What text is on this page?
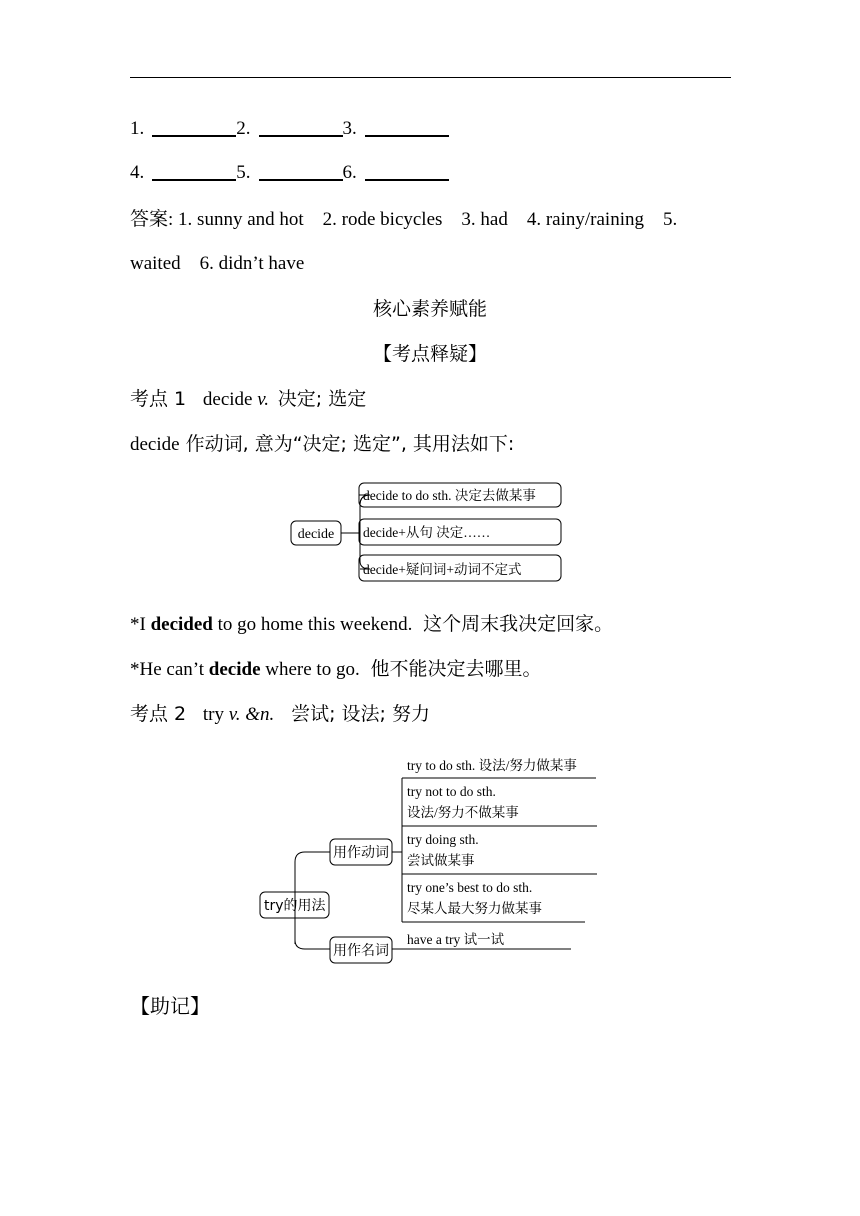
1.	2.	3.
4.	5.	6.
答案: 1. sunny and hot    2. rode bicycles    3. had    4. rainy/raining    5.
waited    6. didn’t have
核心素养赋能
【考点释疑】
考点 1 decide v. 决定; 选定
decide 作动词, 意为“决定; 选定”, 其用法如下:
decide
decide to do sth. 决定去做某事
decide+从句 决定……
decide+疑问词+动词不定式
*I decided to go home this weekend. 这个周末我决定回家。
*He can’t decide where to go. 他不能决定去哪里。
考点 2 try v. &n. 尝试; 设法; 努力
try的用法
用作动词
用作名词
try to do sth. 设法/努力做某事
try not to do sth.
设法/努力不做某事
try doing sth.
尝试做某事
try one’s best to do sth.
尽某人最大努力做某事
have a try 试一试
【助记】
